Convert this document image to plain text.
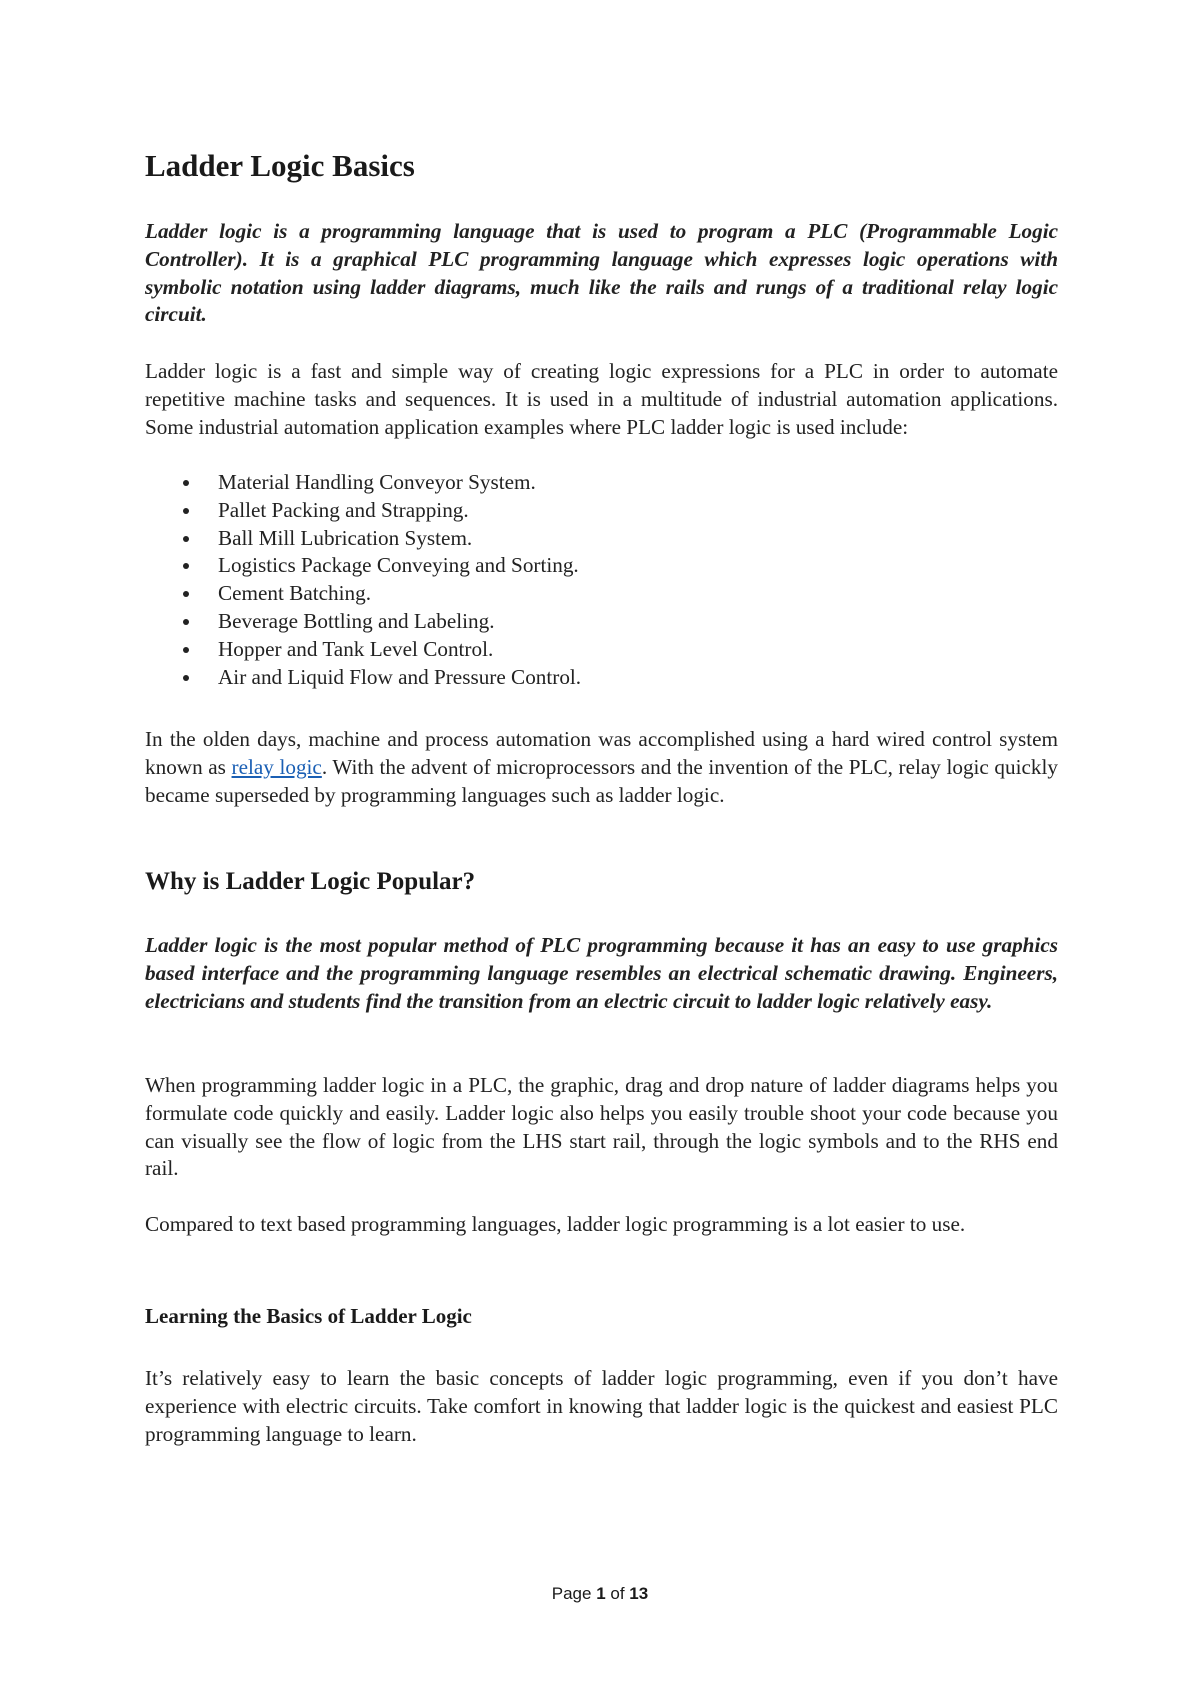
Ladder Logic Basics

Ladder logic is a programming language that is used to program a PLC (Programmable Logic Controller). It is a graphical PLC programming language which expresses logic operations with symbolic notation using ladder diagrams, much like the rails and rungs of a traditional relay logic circuit.

Ladder logic is a fast and simple way of creating logic expressions for a PLC in order to automate repetitive machine tasks and sequences. It is used in a multitude of industrial automation applications. Some industrial automation application examples where PLC ladder logic is used include:

Material Handling Conveyor System.
Pallet Packing and Strapping.
Ball Mill Lubrication System.
Logistics Package Conveying and Sorting.
Cement Batching.
Beverage Bottling and Labeling.
Hopper and Tank Level Control.
Air and Liquid Flow and Pressure Control.

In the olden days, machine and process automation was accomplished using a hard wired control system known as relay logic. With the advent of microprocessors and the invention of the PLC, relay logic quickly became superseded by programming languages such as ladder logic.

Why is Ladder Logic Popular?

Ladder logic is the most popular method of PLC programming because it has an easy to use graphics based interface and the programming language resembles an electrical schematic drawing. Engineers, electricians and students find the transition from an electric circuit to ladder logic relatively easy.

When programming ladder logic in a PLC, the graphic, drag and drop nature of ladder diagrams helps you formulate code quickly and easily. Ladder logic also helps you easily trouble shoot your code because you can visually see the flow of logic from the LHS start rail, through the logic symbols and to the RHS end rail.

Compared to text based programming languages, ladder logic programming is a lot easier to use.

Learning the Basics of Ladder Logic

It’s relatively easy to learn the basic concepts of ladder logic programming, even if you don’t have experience with electric circuits. Take comfort in knowing that ladder logic is the quickest and easiest PLC programming language to learn.

Page 1 of 13
